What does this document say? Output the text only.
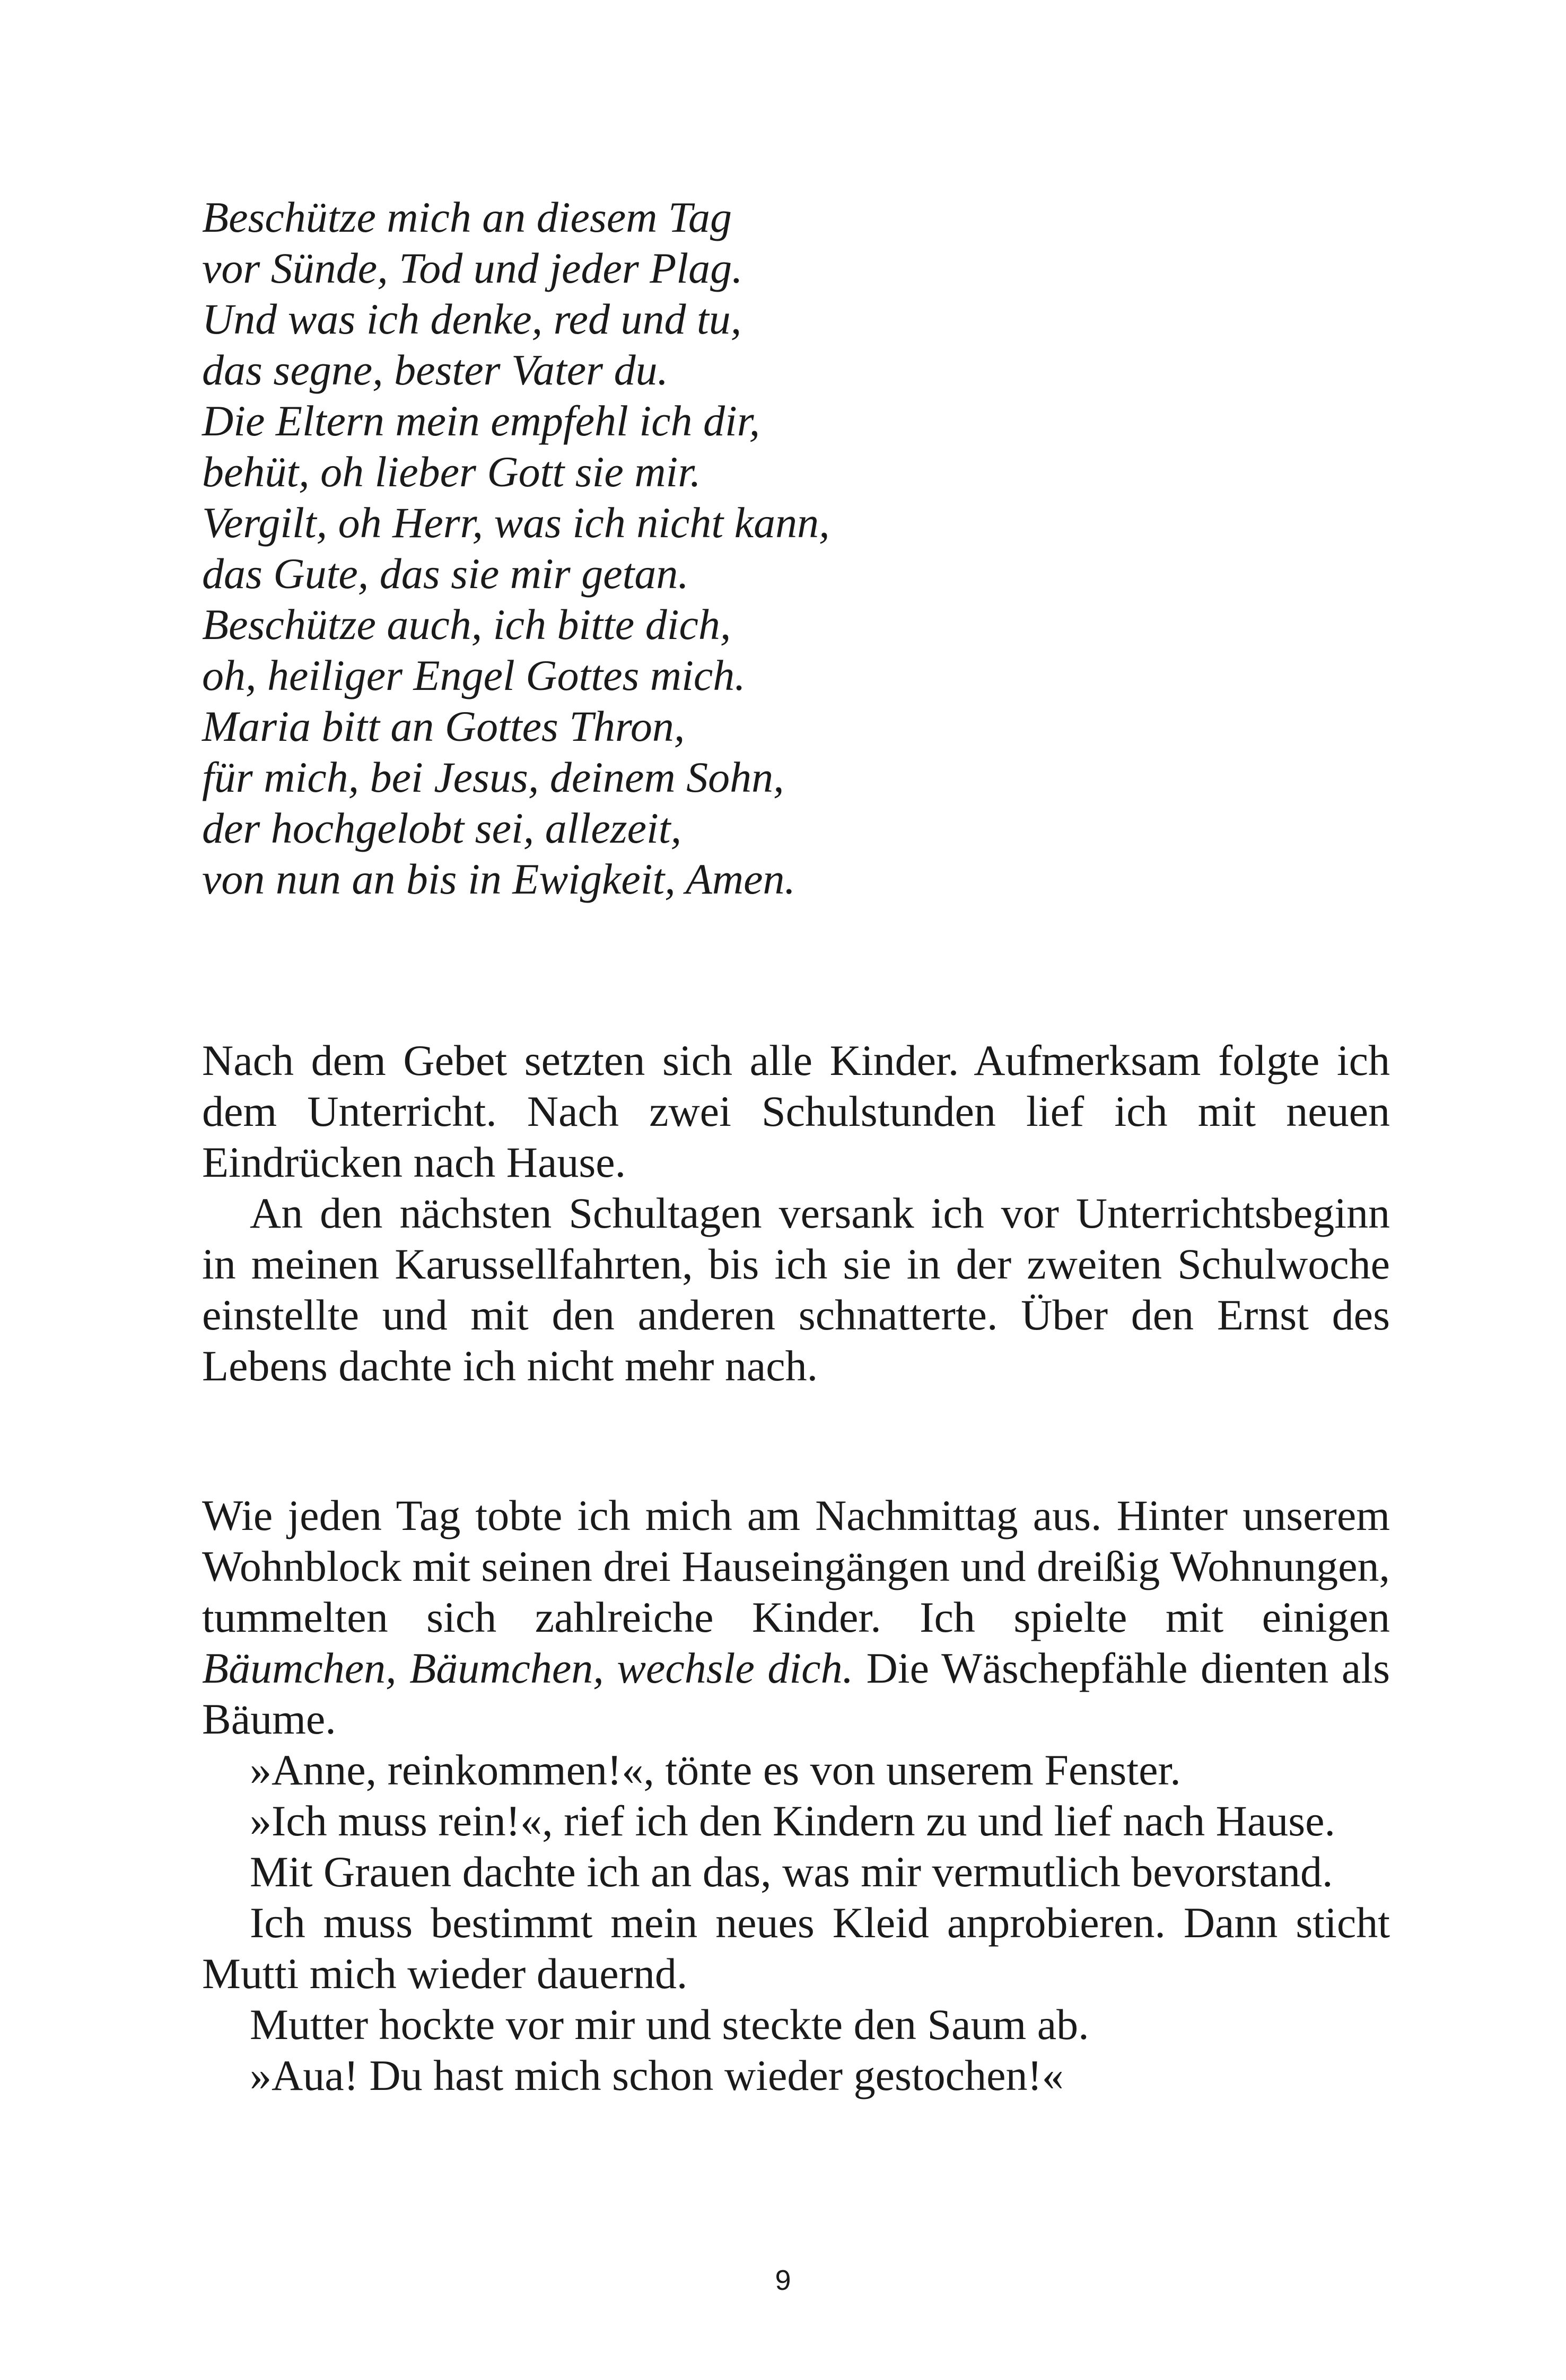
Beschütze mich an diesem Tag
vor Sünde, Tod und jeder Plag.
Und was ich denke, red und tu,
das segne, bester Vater du.
Die Eltern mein empfehl ich dir,
behüt, oh lieber Gott sie mir.
Vergilt, oh Herr, was ich nicht kann,
das Gute, das sie mir getan.
Beschütze auch, ich bitte dich,
oh, heiliger Engel Gottes mich.
Maria bitt an Gottes Thron,
für mich, bei Jesus, deinem Sohn,
der hochgelobt sei, allezeit,
von nun an bis in Ewigkeit, Amen.

Nach dem Gebet setzten sich alle Kinder. Aufmerksam folgte ich dem Unterricht. Nach zwei Schulstunden lief ich mit neuen Eindrücken nach Hause.

An den nächsten Schultagen versank ich vor Unterrichtsbeginn in meinen Karussellfahrten, bis ich sie in der zweiten Schulwoche einstellte und mit den anderen schnatterte. Über den Ernst des Lebens dachte ich nicht mehr nach.

Wie jeden Tag tobte ich mich am Nachmittag aus. Hinter unserem Wohnblock mit seinen drei Hauseingängen und dreißig Wohnungen, tummelten sich zahlreiche Kinder. Ich spielte mit einigen Bäumchen, Bäumchen, wechsle dich. Die Wäschepfähle dienten als Bäume.

»Anne, reinkommen!«, tönte es von unserem Fenster.

»Ich muss rein!«, rief ich den Kindern zu und lief nach Hause.

Mit Grauen dachte ich an das, was mir vermutlich bevorstand.

Ich muss bestimmt mein neues Kleid anprobieren. Dann sticht Mutti mich wieder dauernd.

Mutter hockte vor mir und steckte den Saum ab.

»Aua! Du hast mich schon wieder gestochen!«

9
